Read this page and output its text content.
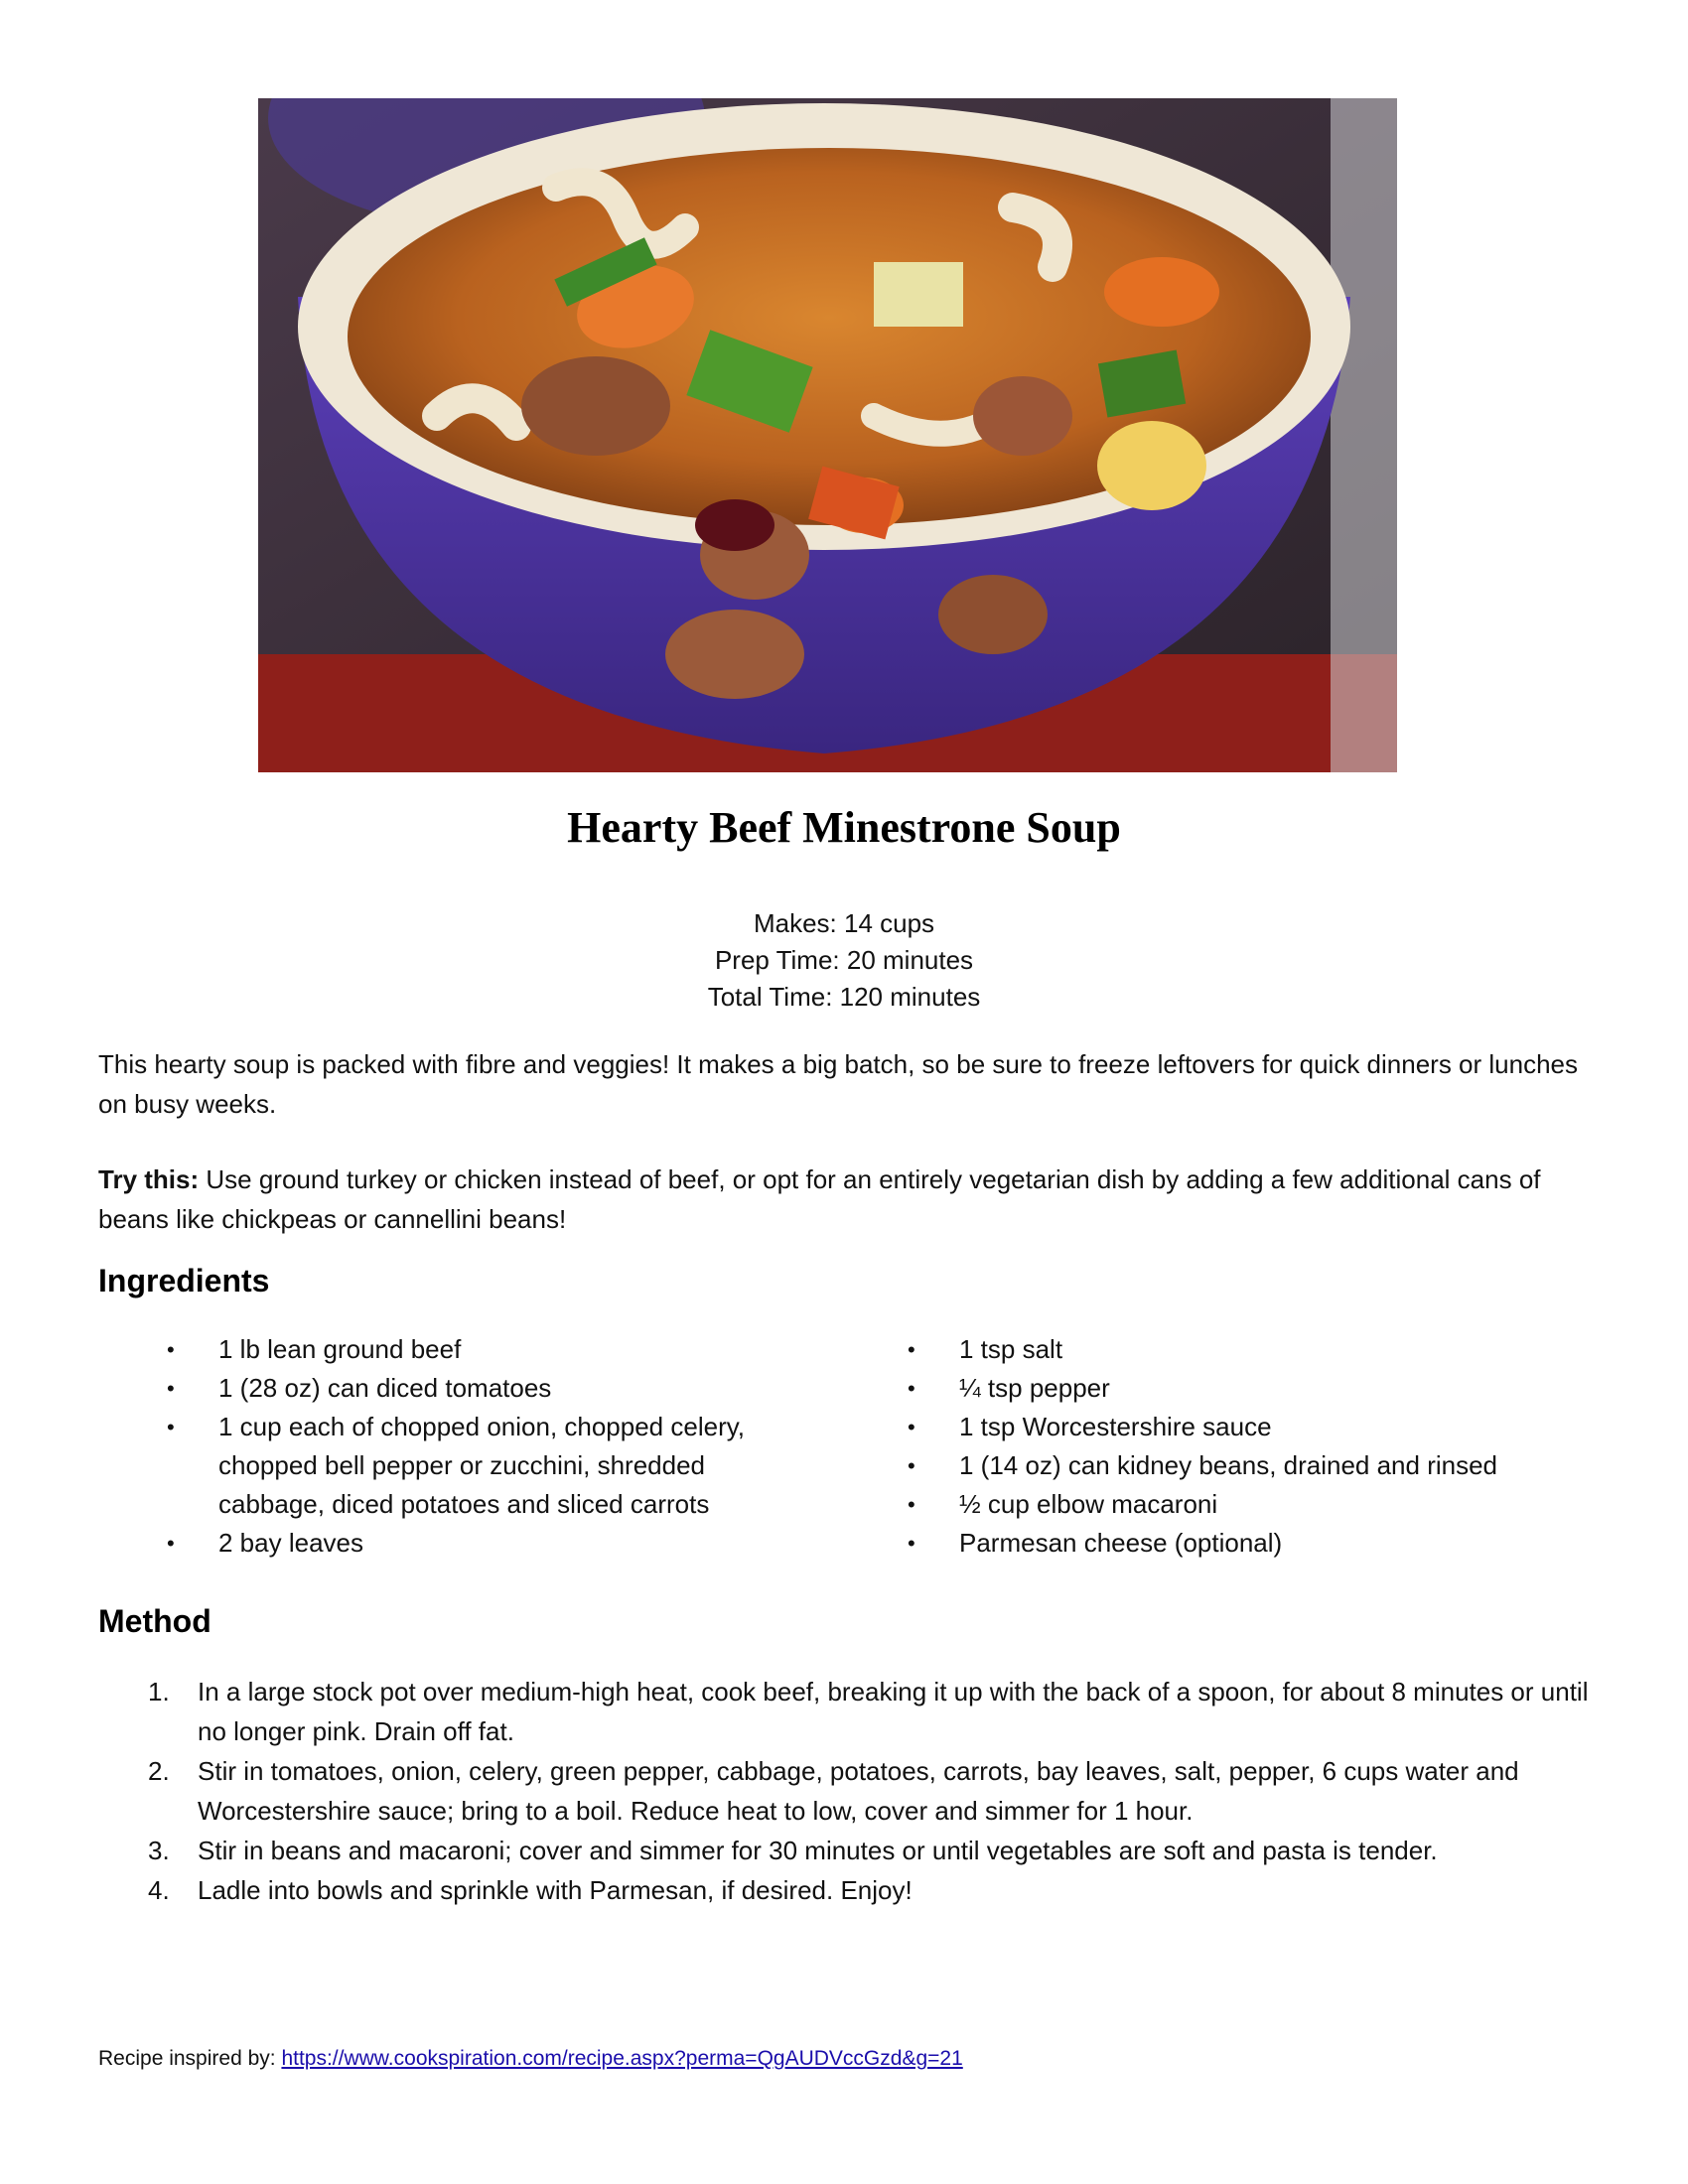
Hearty Beef Minestrone Soup
Makes: 14 cups
Prep Time: 20 minutes
Total Time: 120 minutes

This hearty soup is packed with fibre and veggies! It makes a big batch, so be sure to freeze leftovers for quick dinners or lunches on busy weeks.

Try this: Use ground turkey or chicken instead of beef, or opt for an entirely vegetarian dish by adding a few additional cans of beans like chickpeas or cannellini beans!

Ingredients
• 1 lb lean ground beef
• 1 (28 oz) can diced tomatoes
• 1 cup each of chopped onion, chopped celery, chopped bell pepper or zucchini, shredded cabbage, diced potatoes and sliced carrots
• 2 bay leaves
• 1 tsp salt
• ¼ tsp pepper
• 1 tsp Worcestershire sauce
• 1 (14 oz) can kidney beans, drained and rinsed
• ½ cup elbow macaroni
• Parmesan cheese (optional)
Method
1. In a large stock pot over medium-high heat, cook beef, breaking it up with the back of a spoon, for about 8 minutes or until no longer pink. Drain off fat.
2. Stir in tomatoes, onion, celery, green pepper, cabbage, potatoes, carrots, bay leaves, salt, pepper, 6 cups water and Worcestershire sauce; bring to a boil. Reduce heat to low, cover and simmer for 1 hour.
3. Stir in beans and macaroni; cover and simmer for 30 minutes or until vegetables are soft and pasta is tender.
4. Ladle into bowls and sprinkle with Parmesan, if desired. Enjoy!
Recipe inspired by: https://www.cookspiration.com/recipe.aspx?perma=QgAUDVccGzd&g=21
